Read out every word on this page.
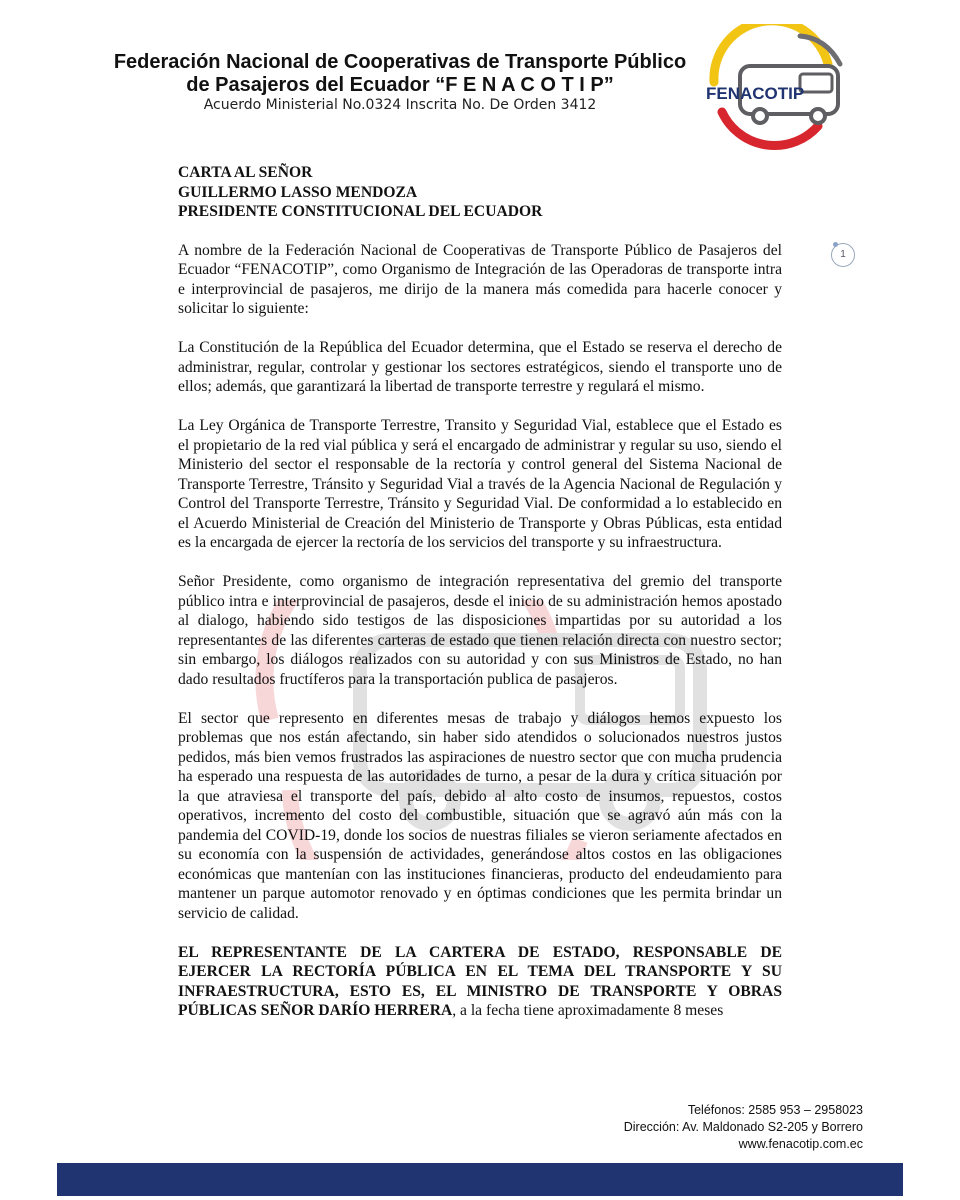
Federación Nacional de Cooperativas de Transporte Público
de Pasajeros del Ecuador “F E N A C O T I P”
Acuerdo Ministerial No.0324 Inscrita No. De Orden 3412
FENACOTIP
1
CARTA AL SEÑOR
GUILLERMO LASSO MENDOZA
PRESIDENTE CONSTITUCIONAL DEL ECUADOR

A nombre de la Federación Nacional de Cooperativas de Transporte Público de Pasajeros del Ecuador “FENACOTIP”, como Organismo de Integración de las Operadoras de transporte intra e interprovincial de pasajeros, me dirijo de la manera más comedida para hacerle conocer y solicitar lo siguiente:

La Constitución de la República del Ecuador determina, que el Estado se reserva el derecho de administrar, regular, controlar y gestionar los sectores estratégicos, siendo el transporte uno de ellos; además, que garantizará la libertad de transporte terrestre y regulará el mismo.

La Ley Orgánica de Transporte Terrestre, Transito y Seguridad Vial, establece que el Estado es el propietario de la red vial pública y será el encargado de administrar y regular su uso, siendo el Ministerio del sector el responsable de la rectoría y control general del Sistema Nacional de Transporte Terrestre, Tránsito y Seguridad Vial a través de la Agencia Nacional de Regulación y Control del Transporte Terrestre, Tránsito y Seguridad Vial. De conformidad a lo establecido en el Acuerdo Ministerial de Creación del Ministerio de Transporte y Obras Públicas, esta entidad es la encargada de ejercer la rectoría de los servicios del transporte y su infraestructura.

Señor Presidente, como organismo de integración representativa del gremio del transporte público intra e interprovincial de pasajeros, desde el inicio de su administración hemos apostado al dialogo, habiendo sido testigos de las disposiciones impartidas por su autoridad a los representantes de las diferentes carteras de estado que tienen relación directa con nuestro sector; sin embargo, los diálogos realizados con su autoridad y con sus Ministros de Estado, no han dado resultados fructíferos para la transportación publica de pasajeros.

El sector que represento en diferentes mesas de trabajo y diálogos hemos expuesto los problemas que nos están afectando, sin haber sido atendidos o solucionados nuestros justos pedidos, más bien vemos frustrados las aspiraciones de nuestro sector que con mucha prudencia ha esperado una respuesta de las autoridades de turno, a pesar de la dura y crítica situación por la que atraviesa el transporte del país, debido al alto costo de insumos, repuestos, costos operativos, incremento del costo del combustible, situación que se agravó aún más con la pandemia del COVID-19, donde los socios de nuestras filiales se vieron seriamente afectados en su economía con la suspensión de actividades, generándose altos costos en las obligaciones económicas que mantenían con las instituciones financieras, producto del endeudamiento para mantener un parque automotor renovado y en óptimas condiciones que les permita brindar un servicio de calidad.

EL REPRESENTANTE DE LA CARTERA DE ESTADO, RESPONSABLE DE EJERCER LA RECTORÍA PÚBLICA EN EL TEMA DEL TRANSPORTE Y SU INFRAESTRUCTURA, ESTO ES, EL MINISTRO DE TRANSPORTE Y OBRAS PÚBLICAS SEÑOR DARÍO HERRERA, a la fecha tiene aproximadamente 8 meses

Teléfonos: 2585 953 – 2958023
Dirección: Av. Maldonado S2-205 y Borrero
www.fenacotip.com.ec
